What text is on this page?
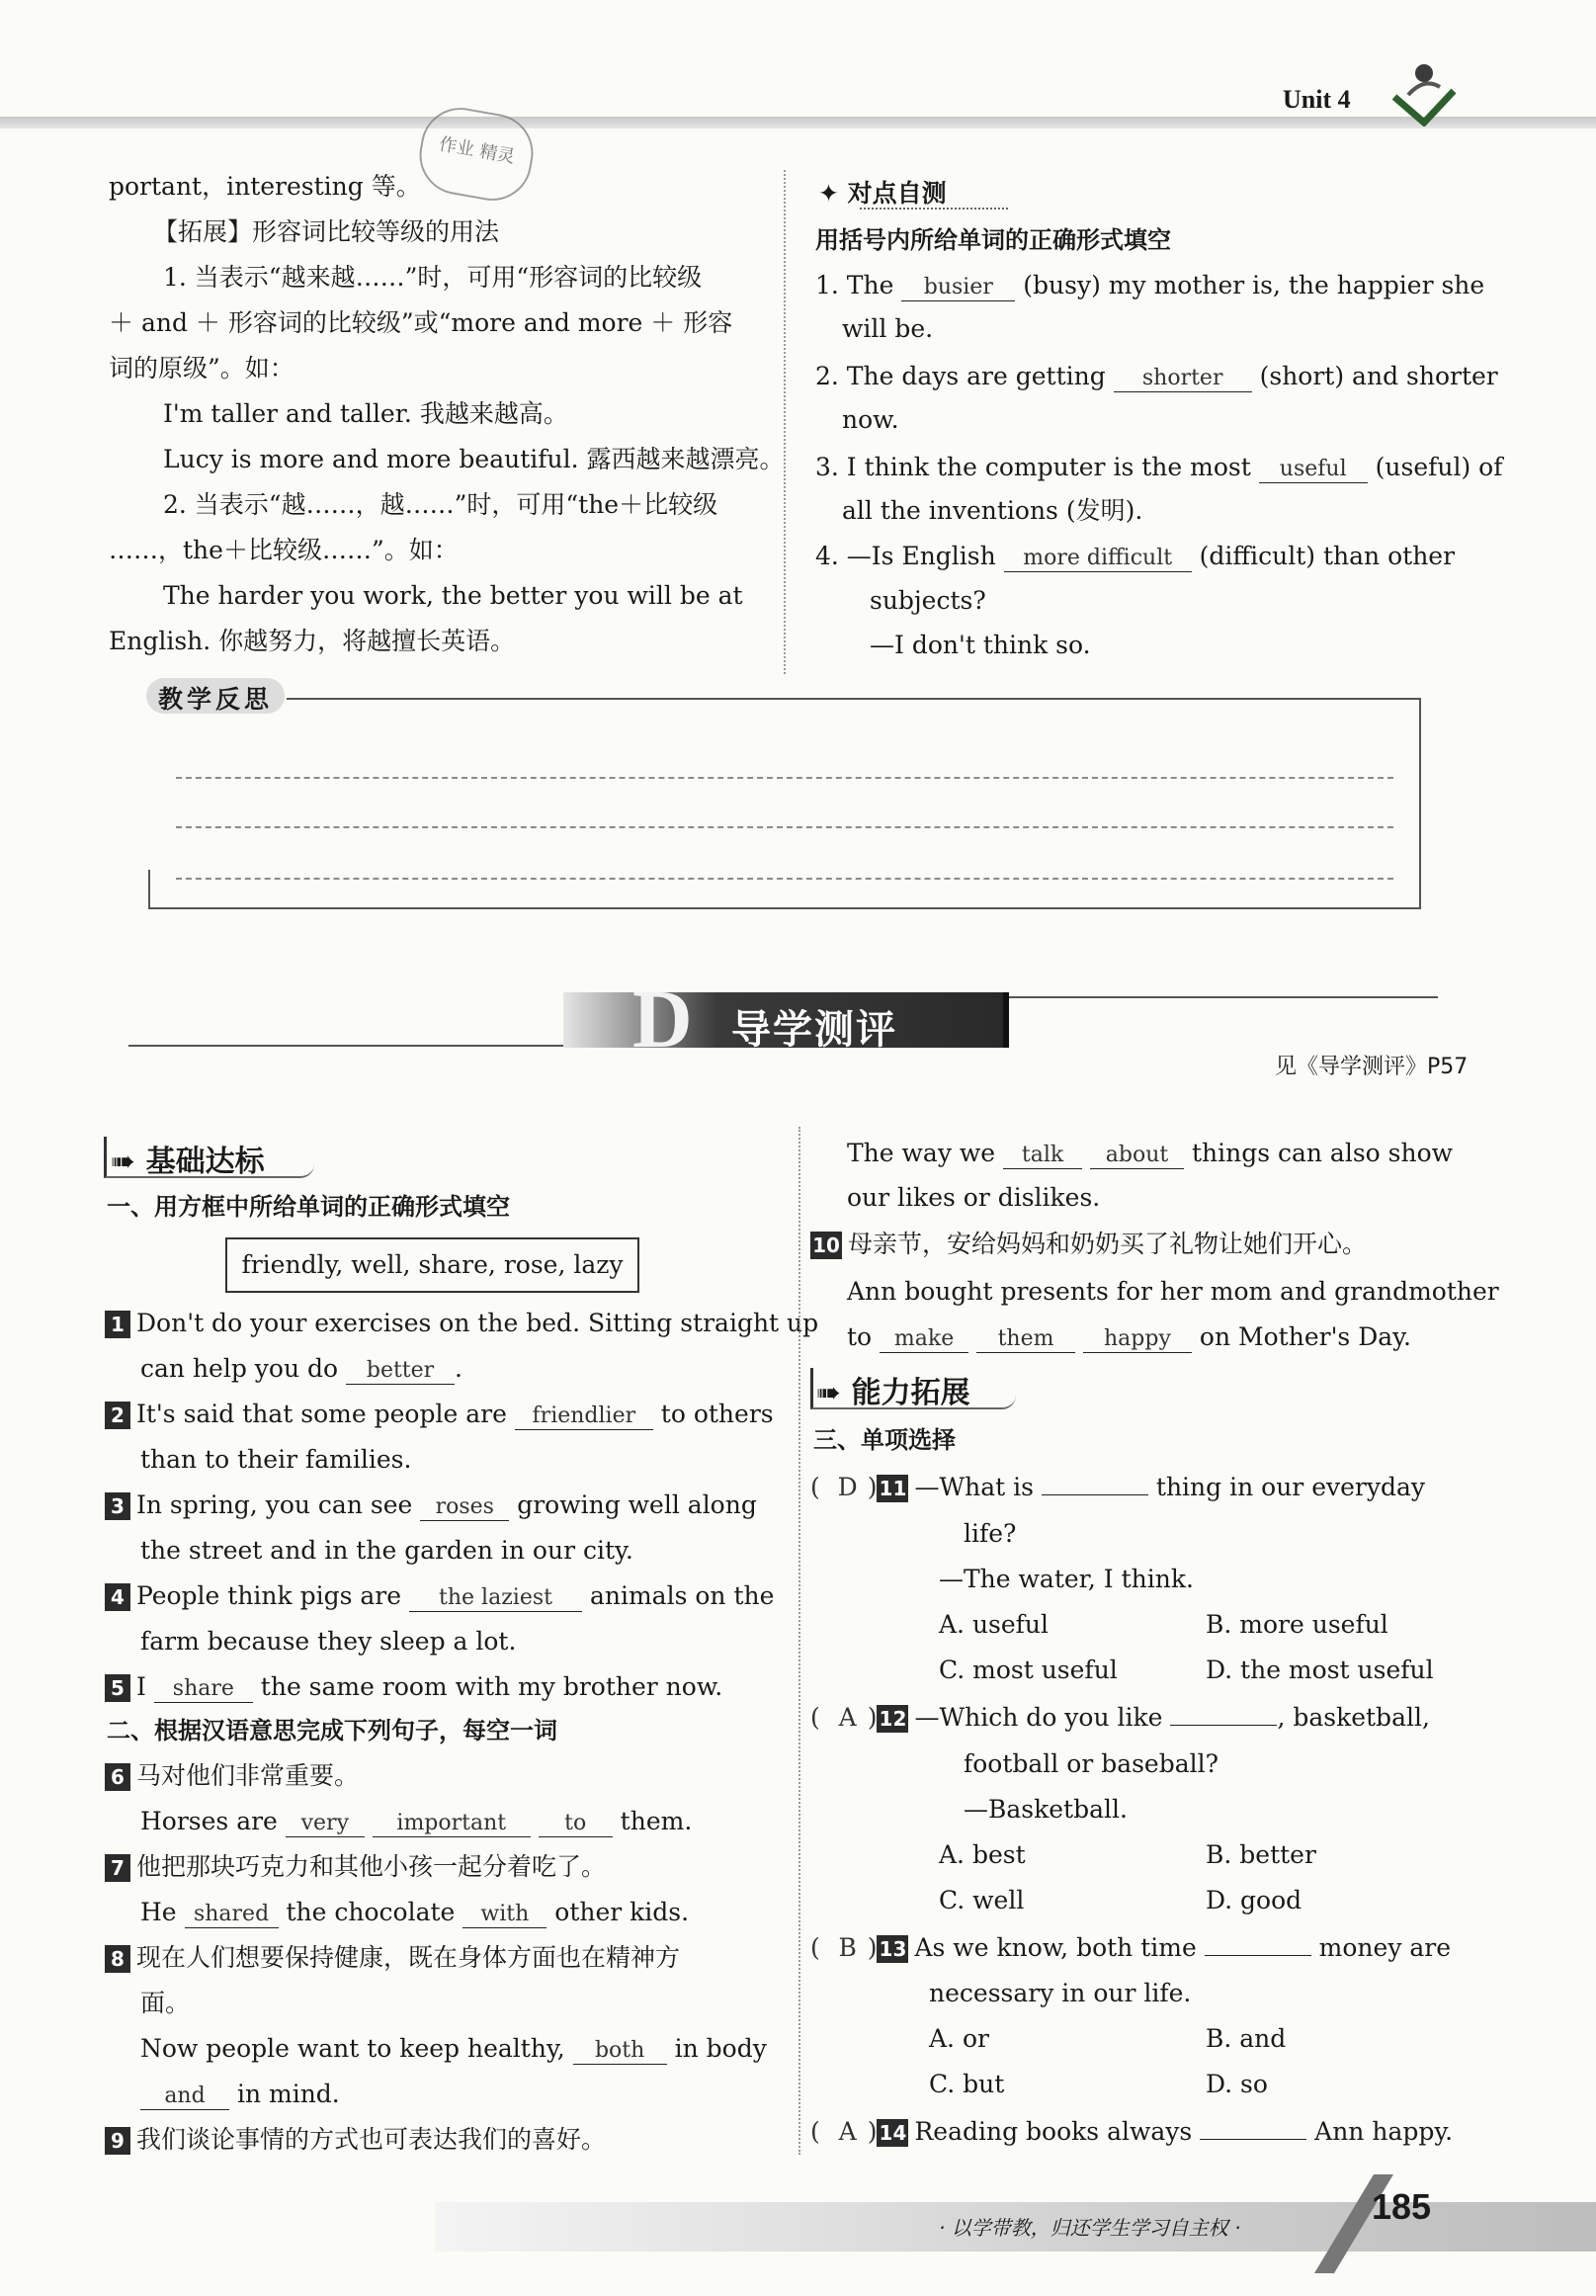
Unit 4
作业 精灵
portant，interesting 等。
【拓展】形容词比较等级的用法
1. 当表示“越来越……”时，可用“形容词的比较级
＋ and ＋ 形容词的比较级”或“more and more ＋ 形容
词的原级”。如：
I'm taller and taller. 我越来越高。
Lucy is more and more beautiful. 露西越来越漂亮。
2. 当表示“越……，越……”时，可用“the＋比较级
……，the＋比较级……”。如：
The harder you work, the better you will be at
English. 你越努力，将越擅长英语。
✦ 对点自测
用括号内所给单词的正确形式填空
1. The busier (busy) my mother is, the happier she
will be.
2. The days are getting shorter (short) and shorter
now.
3. I think the computer is the most useful (useful) of
all the inventions (发明).
4. —Is English more difficult (difficult) than other
subjects?
—I don't think so.
教学反思
D 导学测评
见《导学测评》P57
➠ 基础达标
一、用方框中所给单词的正确形式填空
friendly, well, share, rose, lazy
1 Don't do your exercises on the bed. Sitting straight up
can help you do better .
2 It's said that some people are friendlier to others
than to their families.
3 In spring, you can see roses growing well along
the street and in the garden in our city.
4 People think pigs are the laziest animals on the
farm because they sleep a lot.
5 I share the same room with my brother now.
二、根据汉语意思完成下列句子，每空一词
6 马对他们非常重要。
Horses are very important	to them.
7 他把那块巧克力和其他小孩一起分着吃了。
He shared the chocolate with other kids.
8 现在人们想要保持健康，既在身体方面也在精神方
面。
Now people want to keep healthy, both in body
and in mind.
9 我们谈论事情的方式也可表达我们的喜好。
The way we talk about things can also show
our likes or dislikes.
10 母亲节，安给妈妈和奶奶买了礼物让她们开心。
Ann bought presents for her mom and grandmother
to make them happy on Mother's Day.
➠ 能力拓展
三、单项选择
( D ) 11 —What is	thing in our everyday
life?
—The water, I think.
A. useful	B. more useful
C. most useful	D. the most useful
( A ) 12 —Which do you like	, basketball,
football or baseball?
—Basketball.
A. best	B. better
C. well	D. good
( B ) 13 As we know, both time	money are
necessary in our life.
A. or	B. and
C. but	D. so
( A ) 14 Reading books always	Ann happy.
· 以学带教，归还学生学习自主权 ·
185
